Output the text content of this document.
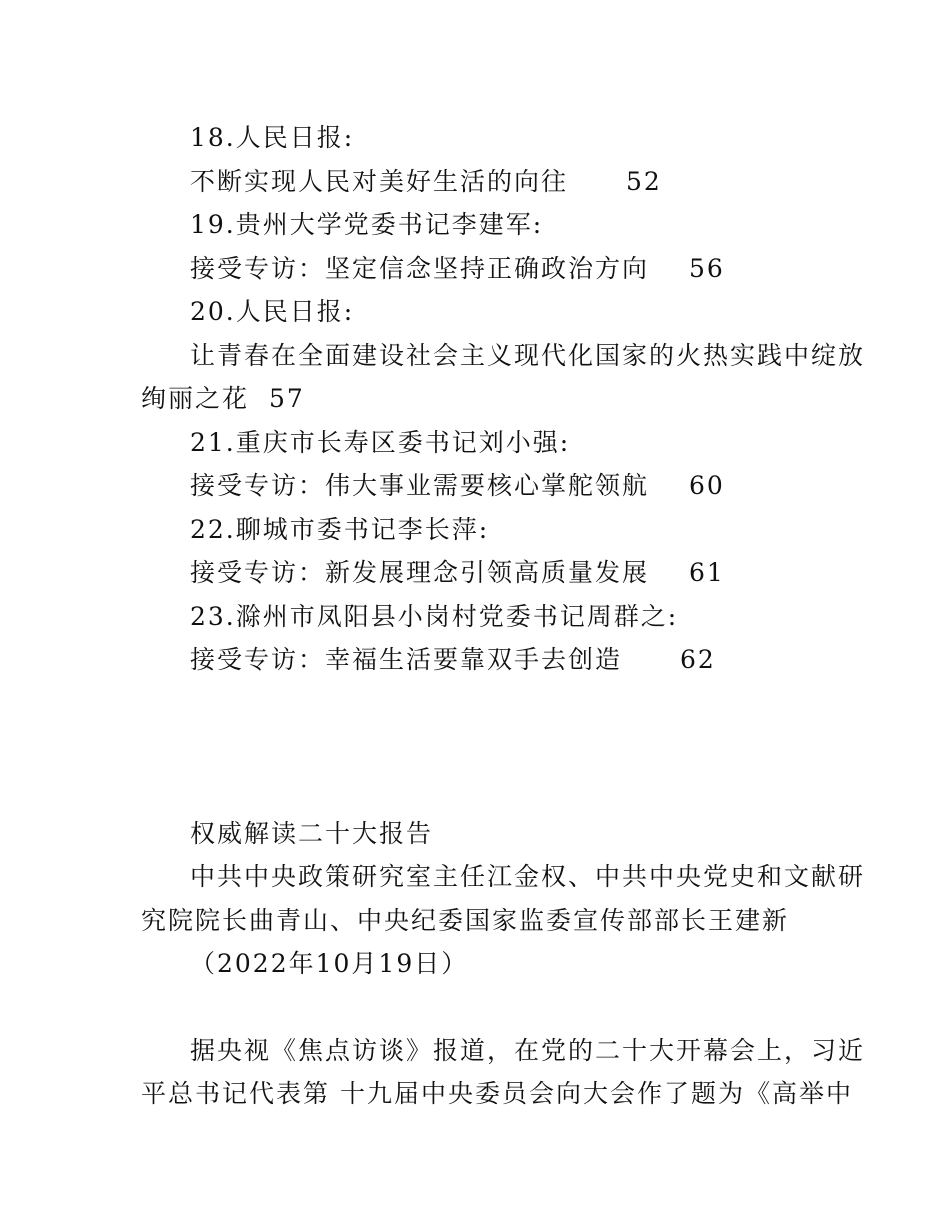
18.人民日报:
不断实现人民对美好生活的向往 52
19.贵州大学党委书记李建军:
接受专访：坚定信念坚持正确政治方向 56
20.人民日报:
让青春在全面建设社会主义现代化国家的火热实践中绽放
绚丽之花 57
21.重庆市长寿区委书记刘小强:
接受专访：伟大事业需要核心掌舵领航 60
22.聊城市委书记李长萍:
接受专访：新发展理念引领高质量发展 61
23.滁州市凤阳县小岗村党委书记周群之:
接受专访：幸福生活要靠双手去创造 62
权威解读二十大报告
中共中央政策研究室主任江金权、中共中央党史和文献研
究院院长曲青山、中央纪委国家监委宣传部部长王建新
（2022年10月19日）
据央视《焦点访谈》报道，在党的二十大开幕会上，习近
平总书记代表第 十九届中央委员会向大会作了题为《高举中
